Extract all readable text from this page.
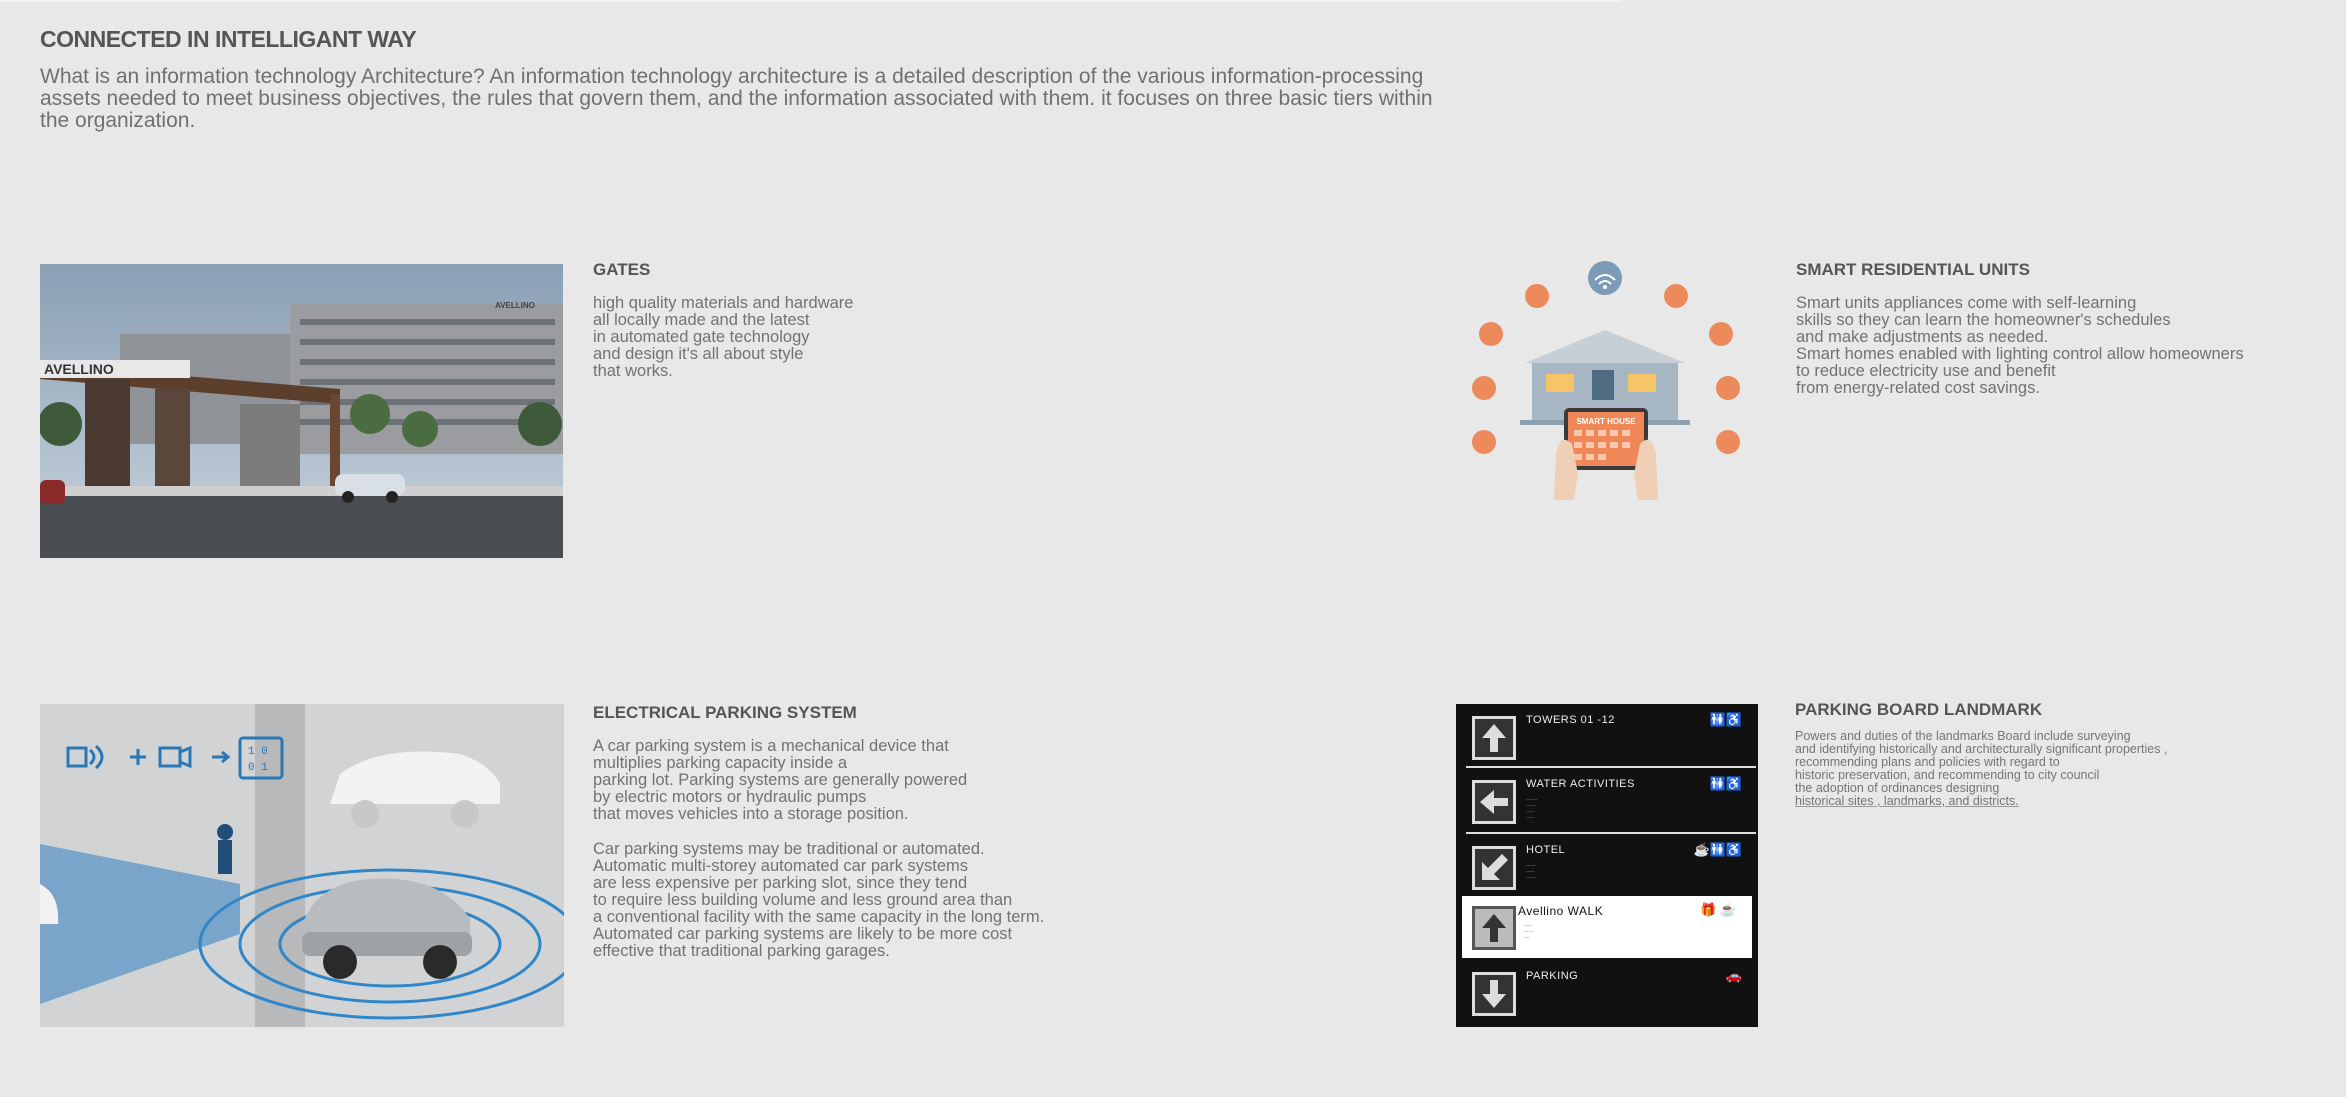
CONNECTED IN INTELLIGANT WAY
What is an information technology Architecture? An information technology architecture is a detailed description of the various information-processing
assets needed to meet business objectives, the rules that govern them, and the information associated with them. it focuses on three basic tiers within
the organization.
AVELLINO
AVELLINO
GATES
high quality materials and hardware
all locally made and the latest
in automated gate technology
and design it's all about style
that works.
SMART HOUSE
SMART RESIDENTIAL UNITS
Smart units appliances come with self-learning
skills so they can learn the homeowner's schedules
and make adjustments as needed.
Smart homes enabled with lighting control allow homeowners
to reduce electricity use and benefit
from energy-related cost savings.
1 0
0 1
ELECTRICAL PARKING SYSTEM
A car parking system is a mechanical device that
multiplies parking capacity inside a
parking lot. Parking systems are generally powered
by electric motors or hydraulic pumps
that moves vehicles into a storage position.
Car parking systems may be traditional or automated.
Automatic multi-storey automated car park systems
are less expensive per parking slot, since they tend
to require less building volume and less ground area than
a conventional facility with the same capacity in the long term.
Automated car parking systems are likely to be more cost
effective that traditional parking garages.
TOWERS 01 -12	🚻♿
WATER ACTIVITIES
........
.......
......
......
🚻♿
HOTEL
.......
......
.......
☕🚻♿
Avellino WALK
......
.......
....
🎁 ☕
PARKING	🚗
PARKING BOARD LANDMARK
Powers and duties of the landmarks Board include surveying
and identifying historically and architecturally significant properties ,
recommending plans and policies with regard to
historic preservation, and recommending to city council
the adoption of ordinances designing
historical sites , landmarks, and districts.
